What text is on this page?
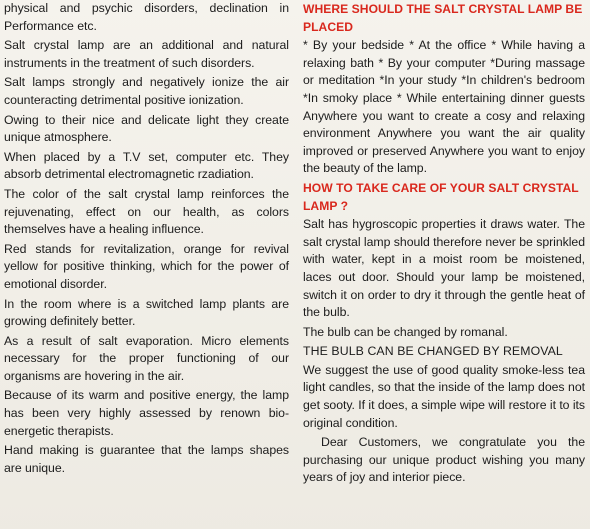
physical and psychic disorders, declination in Performance etc.

Salt crystal lamp are an additional and natural instruments in the treatment of such disorders.

Salt lamps strongly and negatively ionize the air counteracting detrimental positive ionization.

Owing to their nice and delicate light they create unique atmosphere.

When placed by a T.V set, computer etc. They absorb detrimental electromagnetic rzadiation.

The color of the salt crystal lamp reinforces the rejuvenating, effect on our health, as colors themselves have a healing influence.

Red stands for revitalization, orange for revival yellow for positive thinking, which for the power of emotional disorder.

In the room where is a switched lamp plants are growing definitely better.

As a result of salt evaporation. Micro elements necessary for the proper functioning of our organisms are hovering in the air.

Because of its warm and positive energy, the lamp has been very highly assessed by renown bio-energetic therapists.

Hand making is guarantee that the lamps shapes are unique.

WHERE SHOULD THE SALT CRYSTAL LAMP BE PLACED

* By your bedside * At the office * While having a relaxing bath * By your computer *During massage or meditation *In your study *In children's bedroom *In smoky place * While entertaining dinner guests Anywhere you want to create a cosy and relaxing environment Anywhere you want the air quality improved or preserved Anywhere you want to enjoy the beauty of the lamp.

HOW TO TAKE CARE OF YOUR SALT CRYSTAL LAMP ?

Salt has hygroscopic properties it draws water. The salt crystal lamp should therefore never be sprinkled with water, kept in a moist room be moistened, laces out door. Should your lamp be moistened, switch it on order to dry it through the gentle heat of the bulb.

The bulb can be changed by romanal.

THE BULB CAN BE CHANGED BY REMOVAL

We suggest the use of good quality smoke-less tea light candles, so that the inside of the lamp does not get sooty. If it does, a simple wipe will restore it to its original condition.

Dear Customers, we congratulate you the purchasing our unique product wishing you many years of joy and interior piece.
